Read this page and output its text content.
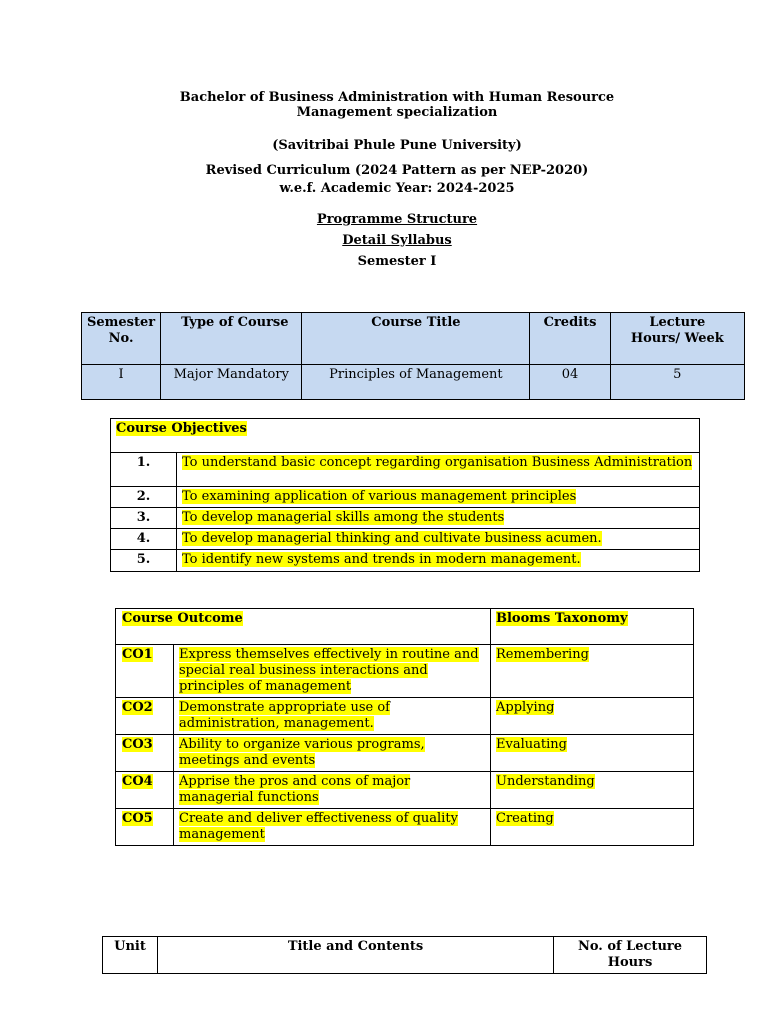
Bachelor of Business Administration with Human Resource
Management specialization
(Savitribai Phule Pune University)
Revised Curriculum (2024 Pattern as per NEP-2020)
w.e.f. Academic Year: 2024-2025
Programme Structure
Detail Syllabus
Semester I
Semester No.	Type of Course	Course Title	Credits	Lecture Hours/ Week
I	Major Mandatory	Principles of Management	04	5
Course Objectives	
1.	To understand basic concept regarding organisation Business Administration
2.	To examining application of various management principles
3.	To develop managerial skills among the students
4.	To develop managerial thinking and cultivate business acumen.
5.	To identify new systems and trends in modern management.
Course Outcome		Blooms Taxonomy
CO1	Express themselves effectively in routine and special real business interactions and principles of management	Remembering
CO2	Demonstrate appropriate use of administration, management.	Applying
CO3	Ability to organize various programs, meetings and events	Evaluating
CO4	Apprise the pros and cons of major managerial functions	Understanding
CO5	Create and deliver effectiveness of quality management	Creating
Unit	Title and Contents	No. of Lecture Hours
